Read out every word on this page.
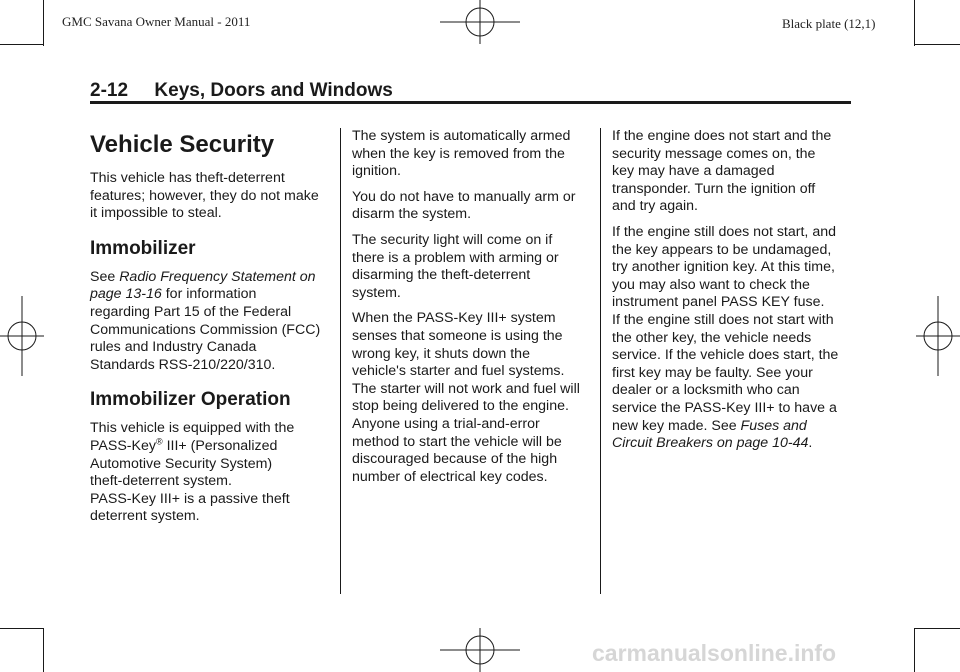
GMC Savana Owner Manual - 2011	Black plate (12,1)
2-12     Keys, Doors and Windows
Vehicle Security

This vehicle has theft-deterrent
features; however, they do not make
it impossible to steal.

Immobilizer

See Radio Frequency Statement on
page 13-16 for information
regarding Part 15 of the Federal
Communications Commission (FCC)
rules and Industry Canada
Standards RSS-210/220/310.

Immobilizer Operation

This vehicle is equipped with the
PASS-Key® III+ (Personalized
Automotive Security System)
theft-deterrent system.
PASS-Key III+ is a passive theft
deterrent system.

The system is automatically armed
when the key is removed from the
ignition.

You do not have to manually arm or
disarm the system.

The security light will come on if
there is a problem with arming or
disarming the theft-deterrent
system.

When the PASS-Key III+ system
senses that someone is using the
wrong key, it shuts down the
vehicle's starter and fuel systems.
The starter will not work and fuel will
stop being delivered to the engine.
Anyone using a trial-and-error
method to start the vehicle will be
discouraged because of the high
number of electrical key codes.

If the engine does not start and the
security message comes on, the
key may have a damaged
transponder. Turn the ignition off
and try again.

If the engine still does not start, and
the key appears to be undamaged,
try another ignition key. At this time,
you may also want to check the
instrument panel PASS KEY fuse.
If the engine still does not start with
the other key, the vehicle needs
service. If the vehicle does start, the
first key may be faulty. See your
dealer or a locksmith who can
service the PASS-Key III+ to have a
new key made. See Fuses and
Circuit Breakers on page 10-44.

carmanualsonline.info
